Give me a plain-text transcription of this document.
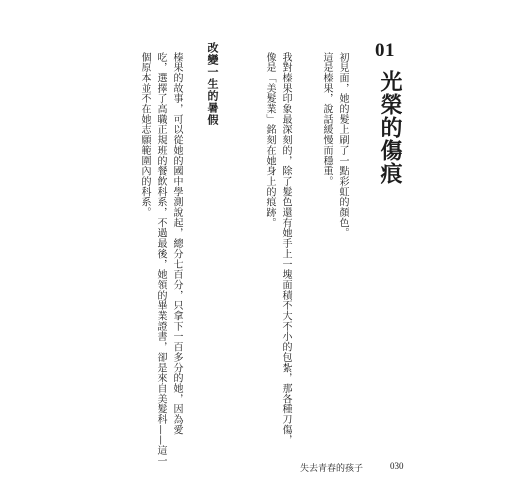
01
光榮的傷痕
初見面，她的髮上刷了一點彩虹的顏色。
這是榛果，說話緩慢而穩重。
我對榛果印象最深刻的，除了髮色還有她手上一塊面積不大不小的包紮，那各種刀傷，
像是「美髮業」銘刻在她身上的痕跡。
改變一生的暑假
榛果的故事，可以從她的國中學測說起，總分七百分，只拿下一百多分的她，因為愛
吃，選擇了高職正規班的餐飲科系，不過最後，她領的畢業證書，卻是來自美髮科——這一
個原本並不在她志願範圍內的科系。
失去青春的孩子	030
